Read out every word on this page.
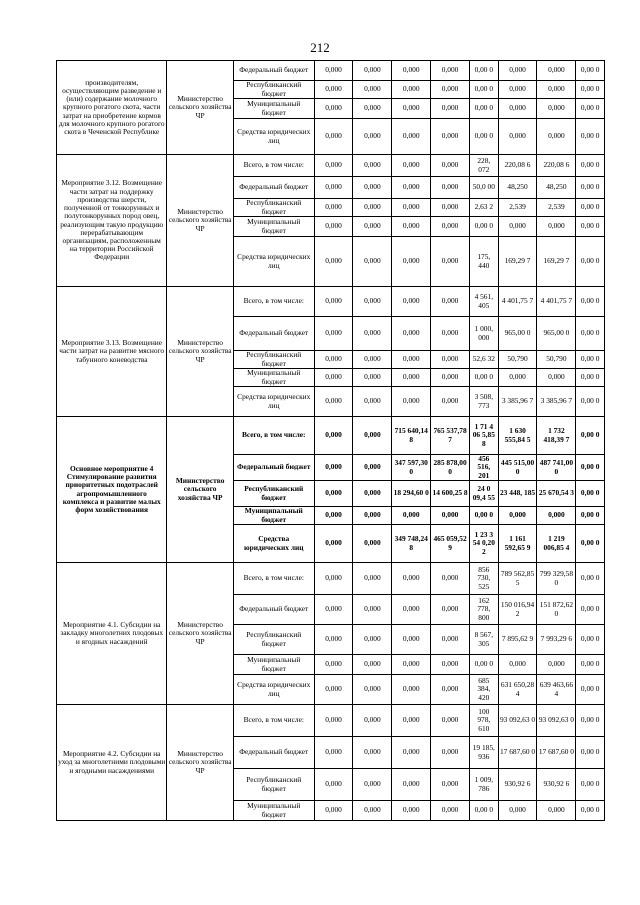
212
производителям, осуществляющим разведение и (или) содержание молочного крупного рогатого скота, части затрат на приобретение кормов для молочного крупного рогатого скота в Чеченской Республике	Министерство сельского хозяйства ЧР	Федеральный бюджет	0,000	0,000	0,000	0,000	0,00 0	0,000	0,000	0,00 0
		Республиканский бюджет	0,000	0,000	0,000	0,000	0,00 0	0,000	0,000	0,00 0
		Муниципальный бюджет	0,000	0,000	0,000	0,000	0,00 0	0,000	0,000	0,00 0
		Средства юридических лиц	0,000	0,000	0,000	0,000	0,00 0	0,000	0,000	0,00 0
Мероприятие 3.12. Возмещение части затрат на поддержку производства шерсти, полученной от тонкорунных и полутонкорунных пород овец, реализующим такую продукцию перерабатывающим организациям, расположенным на территории Российской Федерации	Министерство сельского хозяйства ЧР	Всего, в том числе:	0,000	0,000	0,000	0,000	228, 072	220,08 6	220,08 6	0,00 0
		Федеральный бюджет	0,000	0,000	0,000	0,000	50,0 00	48,250	48,250	0,00 0
		Республиканский бюджет	0,000	0,000	0,000	0,000	2,63 2	2,539	2,539	0,00 0
		Муниципальный бюджет	0,000	0,000	0,000	0,000	0,00 0	0,000	0,000	0,00 0
		Средства юридических лиц	0,000	0,000	0,000	0,000	175, 440	169,29 7	169,29 7	0,00 0
Мероприятие 3.13. Возмещение части затрат на развитие мясного табунного коневодства	Министерство сельского хозяйства ЧР	Всего, в том числе:	0,000	0,000	0,000	0,000	4 561, 405	4 401,75 7	4 401,75 7	0,00 0
		Федеральный бюджет	0,000	0,000	0,000	0,000	1 000, 000	965,00 0	965,00 0	0,00 0
		Республиканский бюджет	0,000	0,000	0,000	0,000	52,6 32	50,790	50,790	0,00 0
		Муниципальный бюджет	0,000	0,000	0,000	0,000	0,00 0	0,000	0,000	0,00 0
		Средства юридических лиц	0,000	0,000	0,000	0,000	3 508, 773	3 385,96 7	3 385,96 7	0,00 0
Основное мероприятие 4 Стимулирование развития приоритетных подотраслей агропромышленного комплекса и развитие малых форм хозяйствования	Министерство сельского хозяйства ЧР	Всего, в том числе:	0,000	0,000	715 640,14 8	765 537,78 7	1 71 4 06 5,85 8	1 630 555,84 5	1 732 418,39 7	0,00 0
		Федеральный бюджет	0,000	0,000	347 597,30 0	285 878,00 0	456 516, 201	445 515,00 0	487 741,00 0	0,00 0
		Республиканский бюджет	0,000	0,000	18 294,60 0	14 600,25 8	24 0 09,4 55	23 448, 185	25 670,54 3	0,00 0
		Муниципальный бюджет	0,000	0,000	0,000	0,000	0,00 0	0,000	0,000	0,00 0
		Средства юридических лиц	0,000	0,000	349 748,24 8	465 059,52 9	1 23 3 54 0,20 2	1 161 592,65 9	1 219 006,85 4	0,00 0
Мероприятие 4.1. Субсидии на закладку многолетних плодовых и ягодных насаждений	Министерство сельского хозяйства ЧР	Всего, в том числе:	0,000	0,000	0,000	0,000	856 730, 525	789 562,85 5	799 329,58 0	0,00 0
		Федеральный бюджет	0,000	0,000	0,000	0,000	162 778, 800	150 016,94 2	151 872,62 0	0,00 0
		Республиканский бюджет	0,000	0,000	0,000	0,000	8 567, 305	7 895,62 9	7 993,29 6	0,00 0
		Муниципальный бюджет	0,000	0,000	0,000	0,000	0,00 0	0,000	0,000	0,00 0
		Средства юридических лиц	0,000	0,000	0,000	0,000	685 384, 420	631 650,28 4	639 463,66 4	0,00 0
Мероприятие 4.2. Субсидии на уход за многолетними плодовыми и ягодными насаждениями	Министерство сельского хозяйства ЧР	Всего, в том числе:	0,000	0,000	0,000	0,000	100 978, 610	93 092,63 0	93 092,63 0	0,00 0
		Федеральный бюджет	0,000	0,000	0,000	0,000	19 185, 936	17 687,60 0	17 687,60 0	0,00 0
		Республиканский бюджет	0,000	0,000	0,000	0,000	1 009, 786	930,92 6	930,92 6	0,00 0
		Муниципальный бюджет	0,000	0,000	0,000	0,000	0,00 0	0,000	0,000	0,00 0
